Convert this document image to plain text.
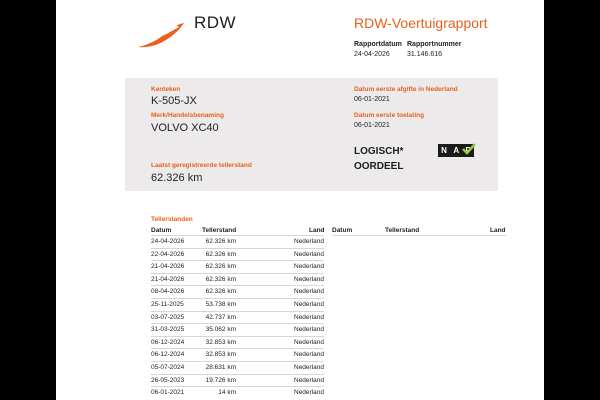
RDW	RDW-Voertuigrapport
Rapportdatum Rapportnummer
24-04-2026 31.146.616
Kenteken
K-505-JX
Merk/Handelsbenaming
VOLVO XC40
Laatst geregistreerde tellerstand
62.326 km
Datum eerste afgifte in Nederland
06-01-2021
Datum eerste toelating
06-01-2021
LOGISCH*
OORDEEL
N A P
Tellerstanden
Datum	Tellerstand	Land Datum	Tellerstand	Land
24-04-2026	62.326 km	Nederland
22-04-2026	62.326 km	Nederland
21-04-2026	62.326 km	Nederland
21-04-2026	62.326 km	Nederland
08-04-2026	62.326 km	Nederland
25-11-2025	53.738 km	Nederland
03-07-2025	42.737 km	Nederland
31-03-2025	35.062 km	Nederland
06-12-2024	32.853 km	Nederland
06-12-2024	32.853 km	Nederland
05-07-2024	28.631 km	Nederland
26-05-2023	19.726 km	Nederland
06-01-2021	14 km	Nederland
